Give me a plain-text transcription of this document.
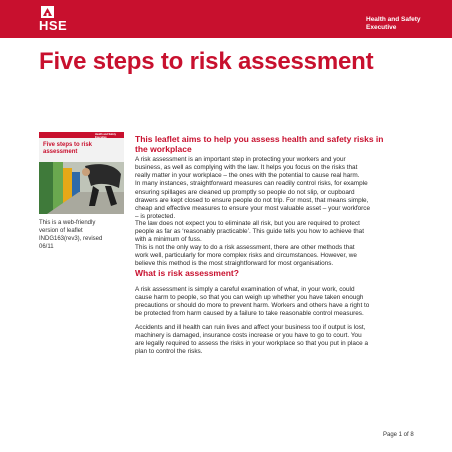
HSE	Health and Safety
Executive
Five steps to risk assessment
Health and Safety Executive
Five steps to risk
assessment
This is a web-friendly
version of leaflet
INDG163(rev3), revised
06/11
This leaflet aims to help you assess health and safety risks in
the workplace

A risk assessment is an important step in protecting your workers and your
business, as well as complying with the law. It helps you focus on the risks that
really matter in your workplace – the ones with the potential to cause real harm.
In many instances, straightforward measures can readily control risks, for example
ensuring spillages are cleaned up promptly so people do not slip, or cupboard
drawers are kept closed to ensure people do not trip. For most, that means simple,
cheap and effective measures to ensure your most valuable asset – your workforce
– is protected.

The law does not expect you to eliminate all risk, but you are required to protect
people as far as ‘reasonably practicable’. This guide tells you how to achieve that
with a minimum of fuss.

This is not the only way to do a risk assessment, there are other methods that
work well, particularly for more complex risks and circumstances. However, we
believe this method is the most straightforward for most organisations.

What is risk assessment?

A risk assessment is simply a careful examination of what, in your work, could
cause harm to people, so that you can weigh up whether you have taken enough
precautions or should do more to prevent harm. Workers and others have a right to
be protected from harm caused by a failure to take reasonable control measures.

Accidents and ill health can ruin lives and affect your business too if output is lost,
machinery is damaged, insurance costs increase or you have to go to court. You
are legally required to assess the risks in your workplace so that you put in place a
plan to control the risks.

Page 1 of 8
